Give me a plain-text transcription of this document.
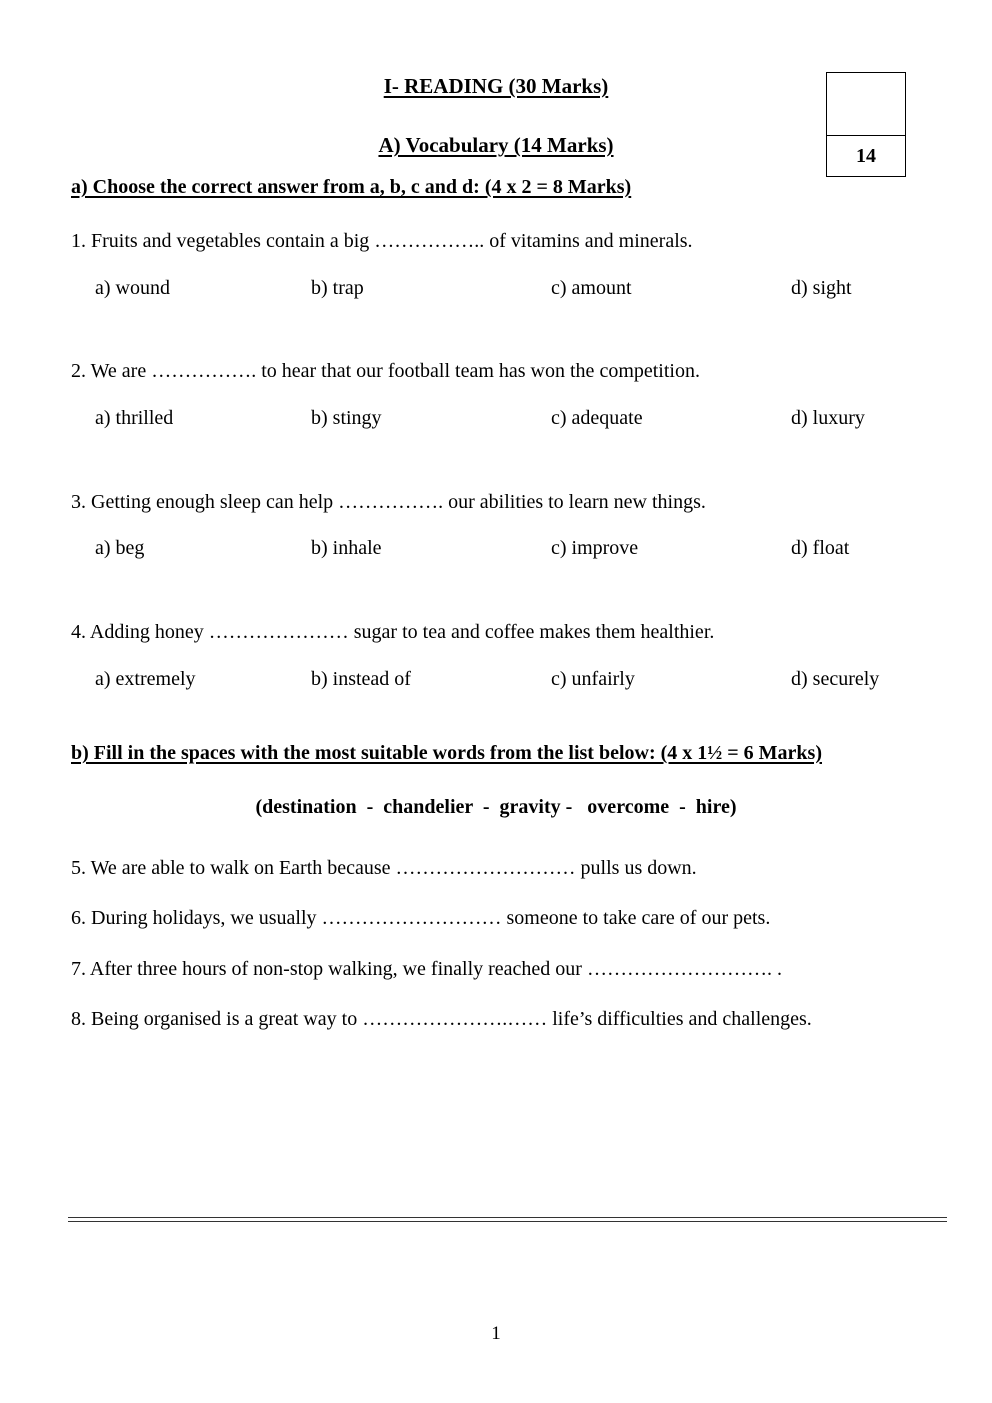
I- READING (30 Marks)
A) Vocabulary (14 Marks)	14
a) Choose the correct answer from a, b, c and d: (4 x 2 = 8 Marks)
1. Fruits and vegetables contain a big …………….. of vitamins and minerals.
a) wound	b) trap	c) amount	d) sight
2. We are ……………. to hear that our football team has won the competition.
a) thrilled	b) stingy	c) adequate	d) luxury
3. Getting enough sleep can help ……………. our abilities to learn new things.
a) beg	b) inhale	c) improve	d) float
4. Adding honey ………………… sugar to tea and coffee makes them healthier.
a) extremely	b) instead of	c) unfairly	d) securely
b) Fill in the spaces with the most suitable words from the list below: (4 x 1½ = 6 Marks)
(destination  -  chandelier  -  gravity -   overcome  -  hire)
5. We are able to walk on Earth because ……………………… pulls us down.
6. During holidays, we usually ……………………… someone to take care of our pets.
7. After three hours of non-stop walking, we finally reached our ………………………. .
8. Being organised is a great way to ………………….…… life’s difficulties and challenges.
1
